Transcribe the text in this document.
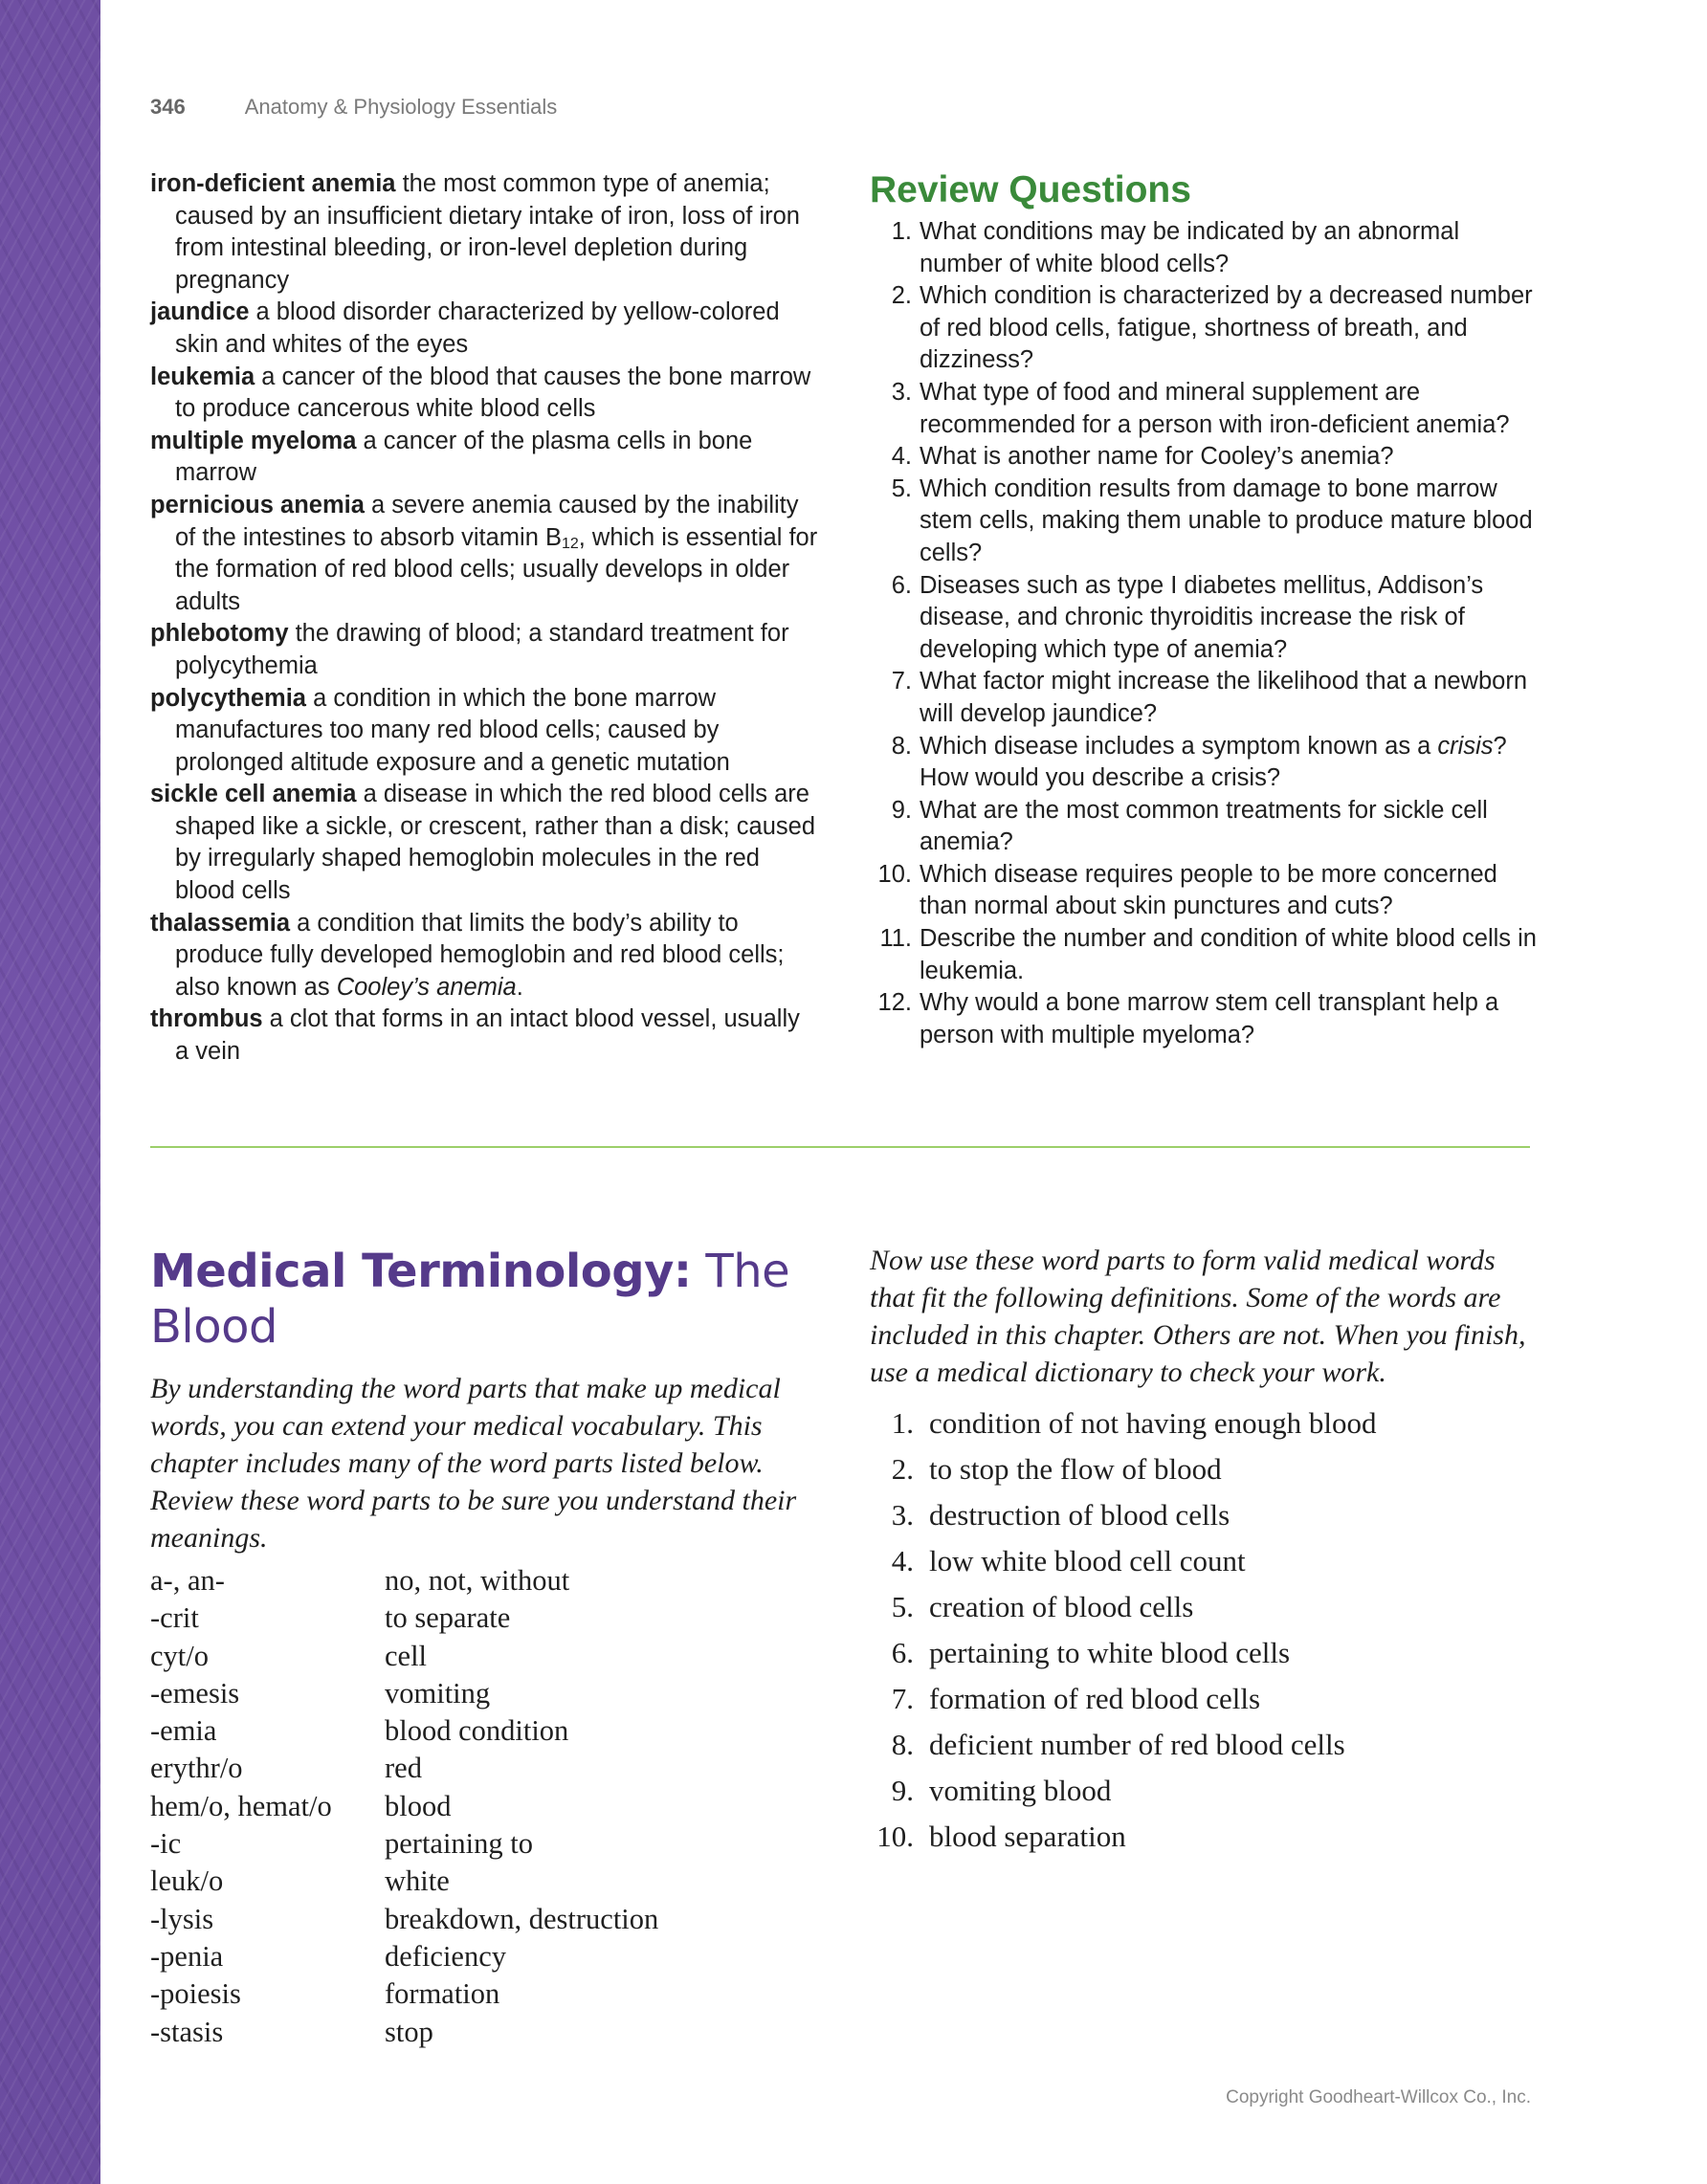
346	Anatomy & Physiology Essentials
iron-deficient anemia the most common type of anemia; caused by an insufficient dietary intake of iron, loss of iron from intestinal bleeding, or iron-level depletion during pregnancy
jaundice a blood disorder characterized by yellow-colored skin and whites of the eyes
leukemia a cancer of the blood that causes the bone marrow to produce cancerous white blood cells
multiple myeloma a cancer of the plasma cells in bone marrow
pernicious anemia a severe anemia caused by the inability of the intestines to absorb vitamin $B_{12}$, which is essential for the formation of red blood cells; usually develops in older adults
phlebotomy the drawing of blood; a standard treatment for polycythemia
polycythemia a condition in which the bone marrow manufactures too many red blood cells; caused by prolonged altitude exposure and a genetic mutation
sickle cell anemia a disease in which the red blood cells are shaped like a sickle, or crescent, rather than a disk; caused by irregularly shaped hemoglobin molecules in the red blood cells
thalassemia a condition that limits the body’s ability to produce fully developed hemoglobin and red blood cells; also known as Cooley’s anemia.
thrombus a clot that forms in an intact blood vessel, usually a vein
Review Questions
1. What conditions may be indicated by an abnormal number of white blood cells?
2. Which condition is characterized by a decreased number of red blood cells, fatigue, shortness of breath, and dizziness?
3. What type of food and mineral supplement are recommended for a person with iron-deficient anemia?
4. What is another name for Cooley’s anemia?
5. Which condition results from damage to bone marrow stem cells, making them unable to produce mature blood cells?
6. Diseases such as type I diabetes mellitus, Addison’s disease, and chronic thyroiditis increase the risk of developing which type of anemia?
7. What factor might increase the likelihood that a newborn will develop jaundice?
8. Which disease includes a symptom known as a crisis? How would you describe a crisis?
9. What are the most common treatments for sickle cell anemia?
10. Which disease requires people to be more concerned than normal about skin punctures and cuts?
11. Describe the number and condition of white blood cells in leukemia.
12. Why would a bone marrow stem cell transplant help a person with multiple myeloma?
Medical Terminology: The Blood

By understanding the word parts that make up medical words, you can extend your medical vocabulary. This chapter includes many of the word parts listed below. Review these word parts to be sure you understand their meanings.

a-, an-	no, not, without
-crit	to separate
cyt/o	cell
-emesis	vomiting
-emia	blood condition
erythr/o	red
hem/o, hemat/o	blood
-ic	pertaining to
leuk/o	white
-lysis	breakdown, destruction
-penia	deficiency
-poiesis	formation
-stasis	stop

Now use these word parts to form valid medical words that fit the following definitions. Some of the words are included in this chapter. Others are not. When you finish, use a medical dictionary to check your work.

1. condition of not having enough blood
2. to stop the flow of blood
3. destruction of blood cells
4. low white blood cell count
5. creation of blood cells
6. pertaining to white blood cells
7. formation of red blood cells
8. deficient number of red blood cells
9. vomiting blood
10. blood separation
Copyright Goodheart-Willcox Co., Inc.
